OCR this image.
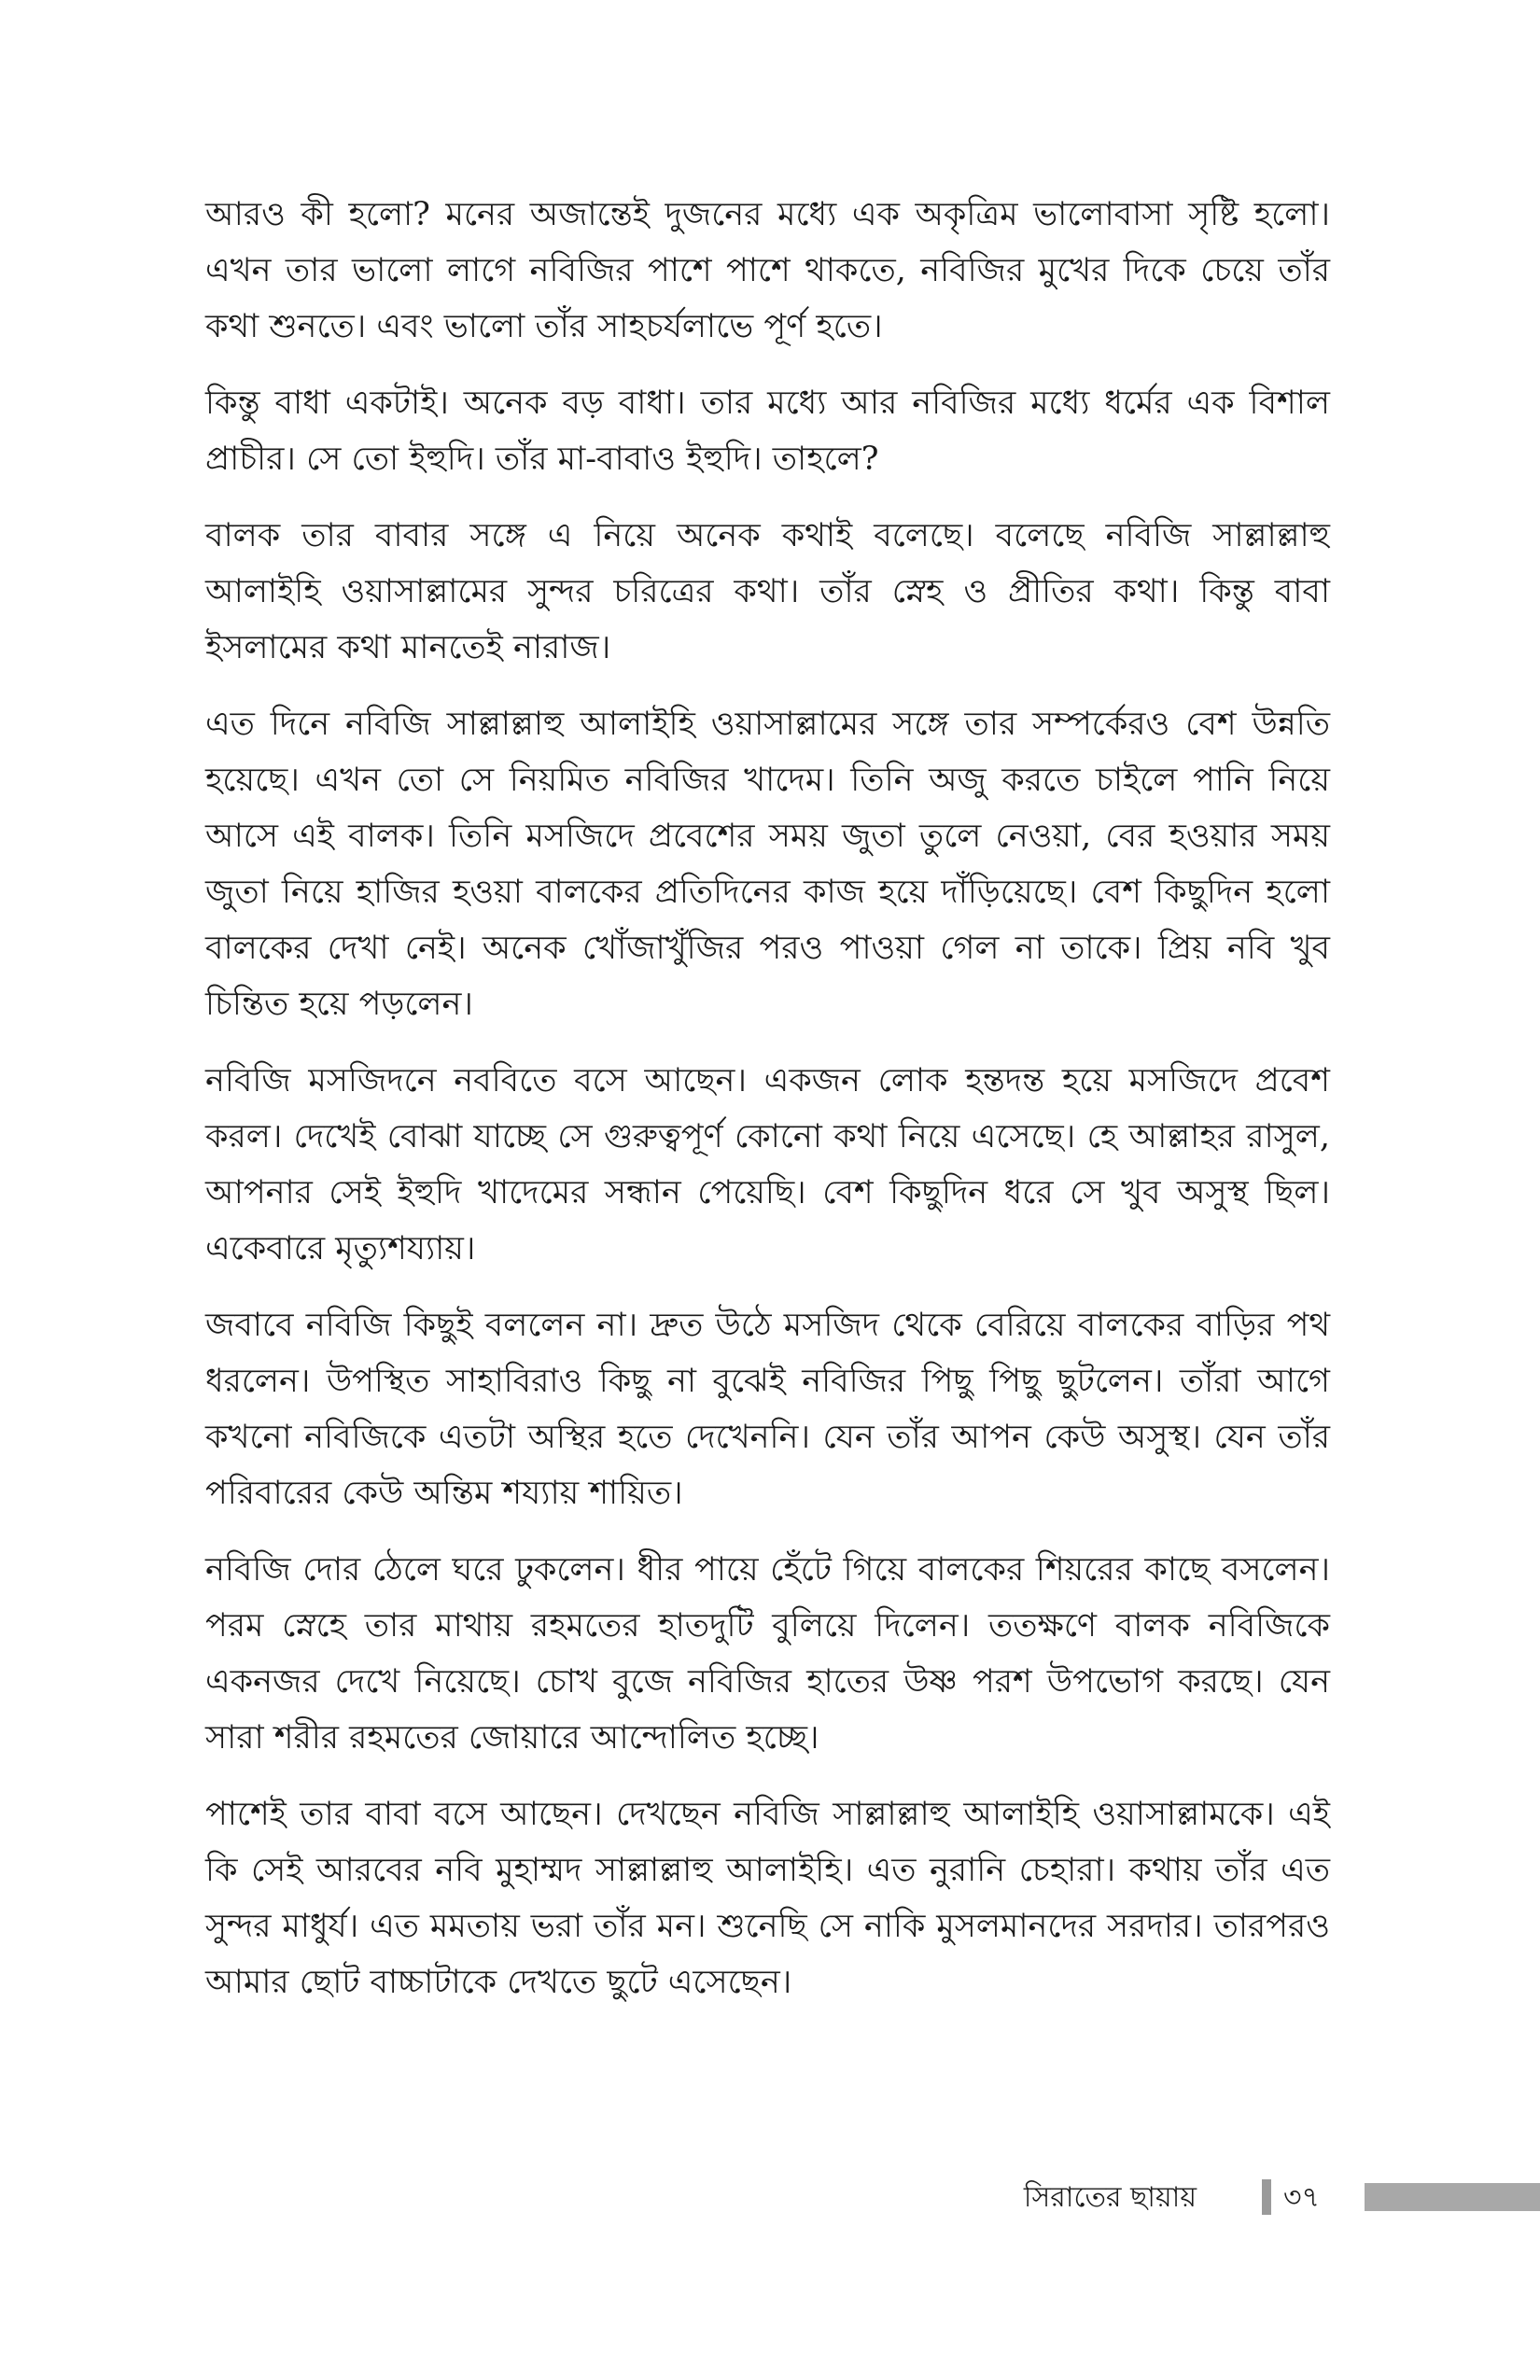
আরও কী হলো? মনের অজান্তেই দুজনের মধ্যে এক অকৃত্রিম ভালোবাসা সৃষ্টি হলো। এখন তার ভালো লাগে নবিজির পাশে পাশে থাকতে, নবিজির মুখের দিকে চেয়ে তাঁর কথা শুনতে। এবং ভালো তাঁর সাহচর্যলাভে পূর্ণ হতে।

কিন্তু বাধা একটাই। অনেক বড় বাধা। তার মধ্যে আর নবিজির মধ্যে ধর্মের এক বিশাল প্রাচীর। সে তো ইহুদি। তাঁর মা-বাবাও ইহুদি। তাহলে?

বালক তার বাবার সঙ্গে এ নিয়ে অনেক কথাই বলেছে। বলেছে নবিজি সাল্লাল্লাহু আলাইহি ওয়াসাল্লামের সুন্দর চরিত্রের কথা। তাঁর স্নেহ ও প্রীতির কথা। কিন্তু বাবা ইসলামের কথা মানতেই নারাজ।

এত দিনে নবিজি সাল্লাল্লাহু আলাইহি ওয়াসাল্লামের সঙ্গে তার সম্পর্কেরও বেশ উন্নতি হয়েছে। এখন তো সে নিয়মিত নবিজির খাদেম। তিনি অজু করতে চাইলে পানি নিয়ে আসে এই বালক। তিনি মসজিদে প্রবেশের সময় জুতা তুলে নেওয়া, বের হওয়ার সময় জুতা নিয়ে হাজির হওয়া বালকের প্রতিদিনের কাজ হয়ে দাঁড়িয়েছে। বেশ কিছুদিন হলো বালকের দেখা নেই। অনেক খোঁজাখুঁজির পরও পাওয়া গেল না তাকে। প্রিয় নবি খুব চিন্তিত হয়ে পড়লেন।

নবিজি মসজিদনে নববিতে বসে আছেন। একজন লোক হন্তদন্ত হয়ে মসজিদে প্রবেশ করল। দেখেই বোঝা যাচ্ছে সে গুরুত্বপূর্ণ কোনো কথা নিয়ে এসেছে। হে আল্লাহর রাসুল, আপনার সেই ইহুদি খাদেমের সন্ধান পেয়েছি। বেশ কিছুদিন ধরে সে খুব অসুস্থ ছিল। একেবারে মৃত্যুশয্যায়।

জবাবে নবিজি কিছুই বললেন না। দ্রুত উঠে মসজিদ থেকে বেরিয়ে বালকের বাড়ির পথ ধরলেন। উপস্থিত সাহাবিরাও কিছু না বুঝেই নবিজির পিছু পিছু ছুটলেন। তাঁরা আগে কখনো নবিজিকে এতটা অস্থির হতে দেখেননি। যেন তাঁর আপন কেউ অসুস্থ। যেন তাঁর পরিবারের কেউ অন্তিম শয্যায় শায়িত।

নবিজি দোর ঠেলে ঘরে ঢুকলেন। ধীর পায়ে হেঁটে গিয়ে বালকের শিয়রের কাছে বসলেন। পরম স্নেহে তার মাথায় রহমতের হাতদুটি বুলিয়ে দিলেন। ততক্ষণে বালক নবিজিকে একনজর দেখে নিয়েছে। চোখ বুজে নবিজির হাতের উষ্ণ পরশ উপভোগ করছে। যেন সারা শরীর রহমতের জোয়ারে আন্দোলিত হচ্ছে।

পাশেই তার বাবা বসে আছেন। দেখছেন নবিজি সাল্লাল্লাহু আলাইহি ওয়াসাল্লামকে। এই কি সেই আরবের নবি মুহাম্মদ সাল্লাল্লাহু আলাইহি। এত নুরানি চেহারা। কথায় তাঁর এত সুন্দর মাধুর্য। এত মমতায় ভরা তাঁর মন। শুনেছি সে নাকি মুসলমানদের সরদার। তারপরও আমার ছোট বাচ্চাটাকে দেখতে ছুটে এসেছেন।

সিরাতের ছায়ায়	৩৭
